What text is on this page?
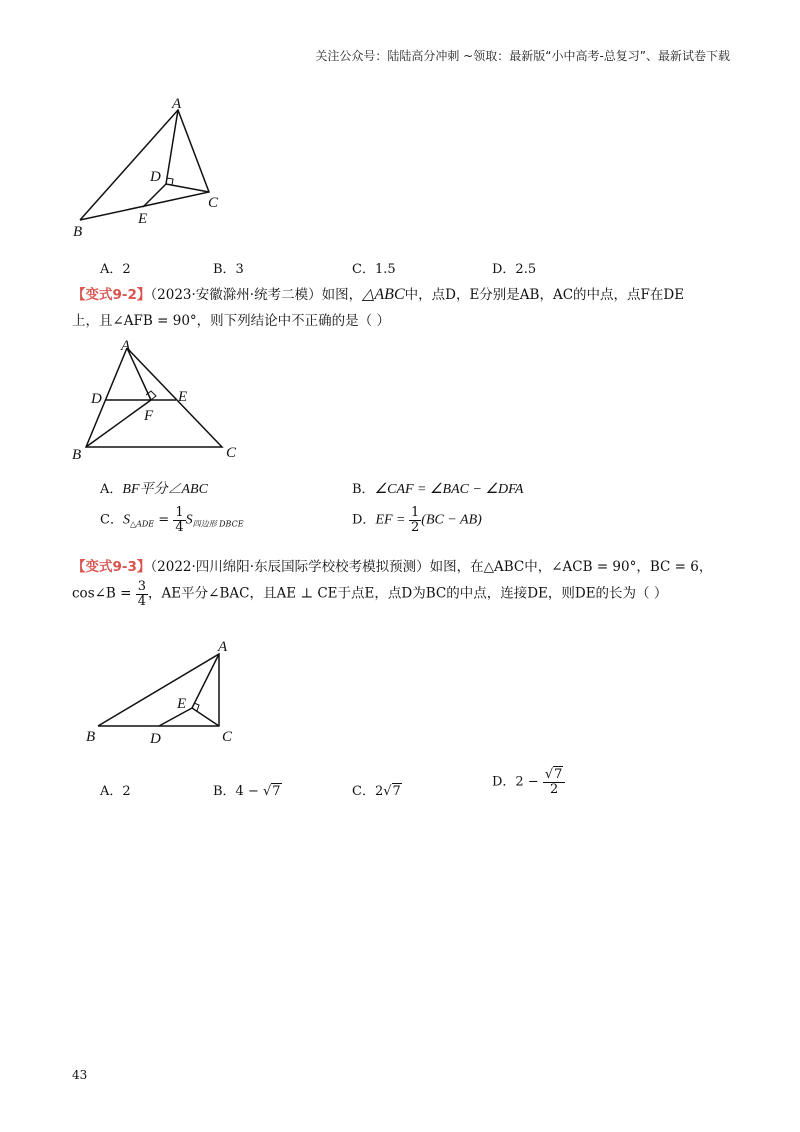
关注公众号：陆陆高分冲刺 ~领取：最新版“小中高考-总复习”、最新试卷下载
A
B
C
D
E
A．2	B．3	C．1.5	D．2.5
【变式9-2】（2023·安徽滁州·统考二模）如图，△ABC中，点D，E分别是AB，AC的中点，点F在DE
上，且∠AFB = 90°，则下列结论中不正确的是（ ）
A
B	C
D	E
F
A．BF平分∠ABC	B．∠CAF = ∠BAC − ∠DFA
C．$S_{\triangle ADE} = \frac{1}{4} S_{四边形 DBCE}$	D．EF = $\frac{1}{2} (BC - AB)$
【变式9-3】（2022·四川绵阳·东辰国际学校校考模拟预测）如图，在△ABC中，∠ACB = 90°，BC = 6，
cos∠B = $\frac{3}{4}$ ，AE平分∠BAC，且AE ⊥ CE于点E，点D为BC的中点，连接DE，则DE的长为（ ）
A
B	C
D
E
A．2	B．4 − √7	C．2√7
D．$2 - \frac{√7}{2}$
43
